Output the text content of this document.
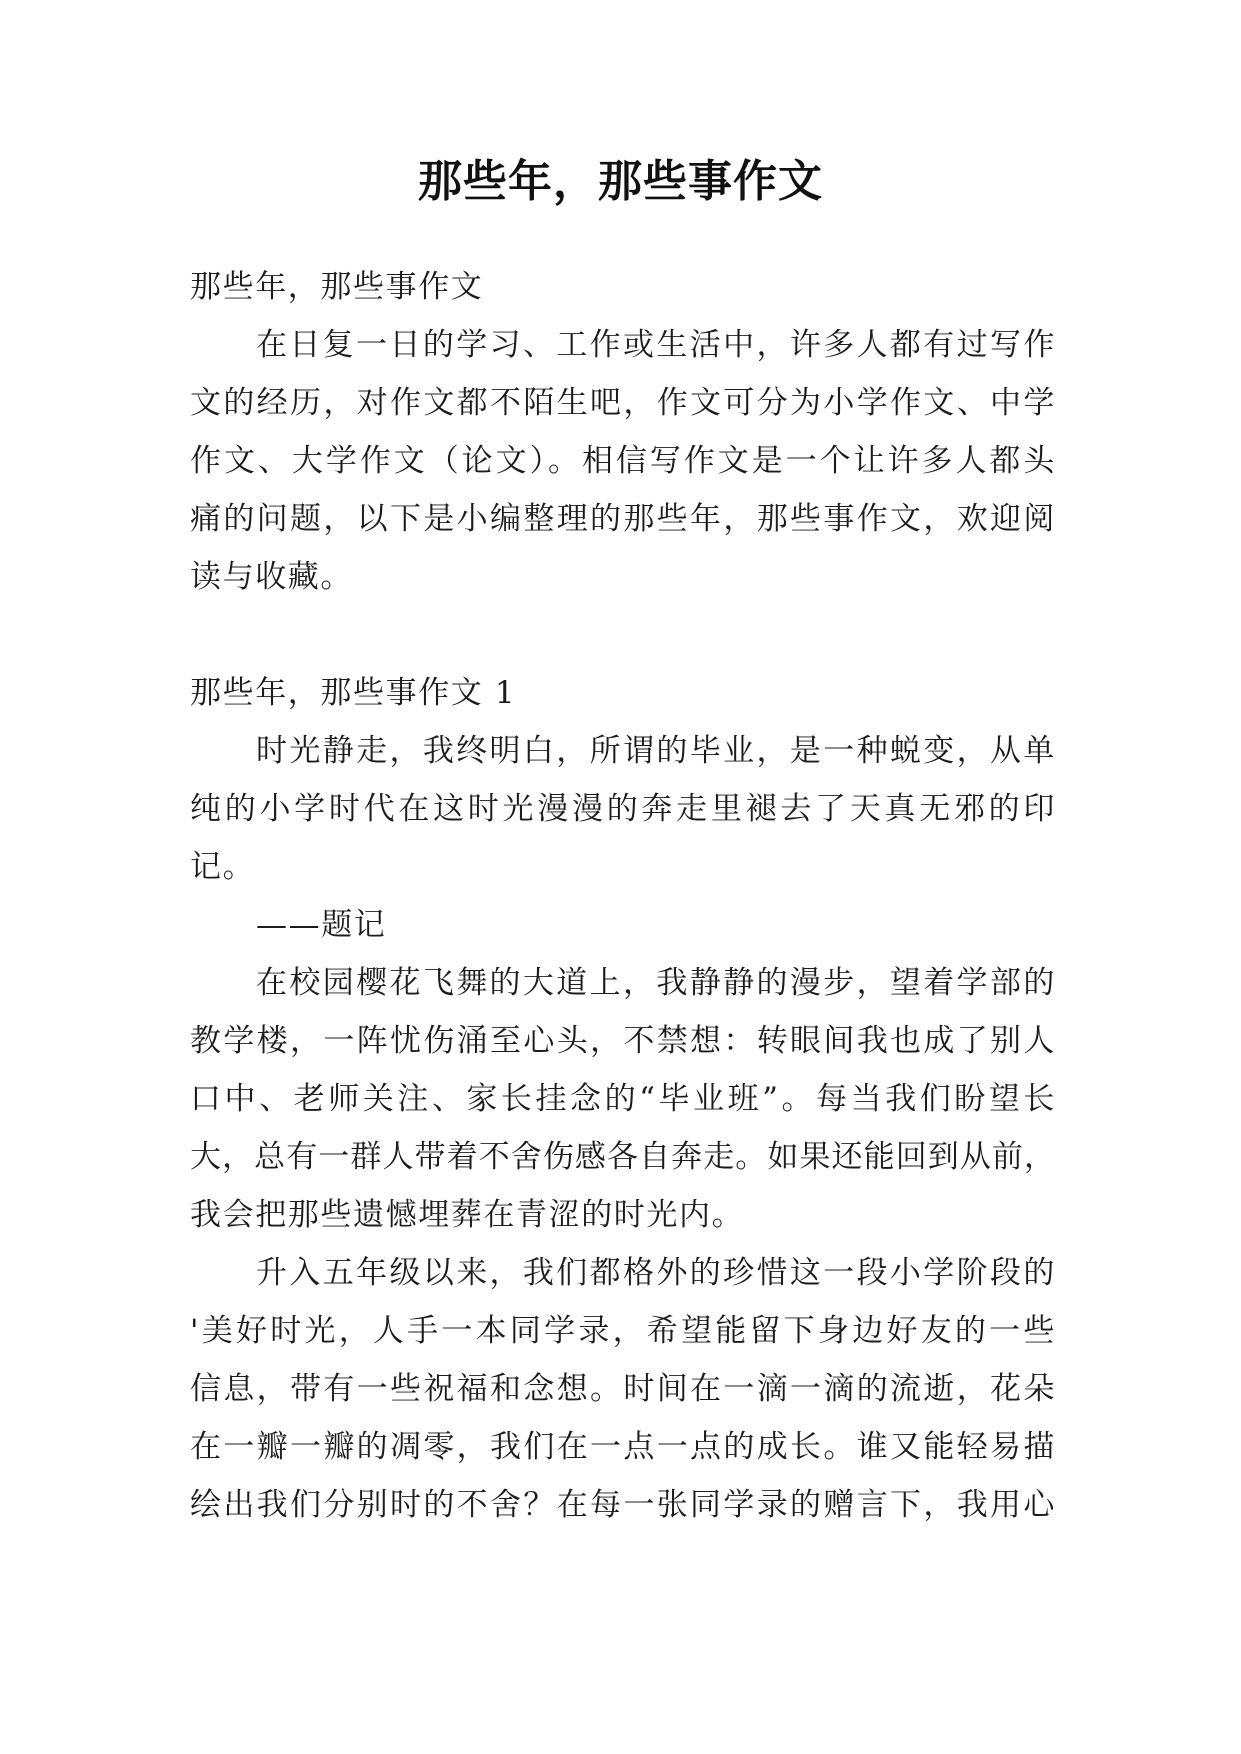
那些年，那些事作文
那些年，那些事作文
在日复一日的学习、工作或生活中，许多人都有过写作
文的经历，对作文都不陌生吧，作文可分为小学作文、中学
作文、大学作文（论文）。相信写作文是一个让许多人都头
痛的问题，以下是小编整理的那些年，那些事作文，欢迎阅
读与收藏。
那些年，那些事作文 1
时光静走，我终明白，所谓的毕业，是一种蜕变，从单
纯的小学时代在这时光漫漫的奔走里褪去了天真无邪的印
记。
——题记
在校园樱花飞舞的大道上，我静静的漫步，望着学部的
教学楼，一阵忧伤涌至心头，不禁想：转眼间我也成了别人
口中、老师关注、家长挂念的“毕业班”。每当我们盼望长
大，总有一群人带着不舍伤感各自奔走。如果还能回到从前，
我会把那些遗憾埋葬在青涩的时光内。
升入五年级以来，我们都格外的珍惜这一段小学阶段的
'美好时光，人手一本同学录，希望能留下身边好友的一些
信息，带有一些祝福和念想。时间在一滴一滴的流逝，花朵
在一瓣一瓣的凋零，我们在一点一点的成长。谁又能轻易描
绘出我们分别时的不舍？在每一张同学录的赠言下，我用心
